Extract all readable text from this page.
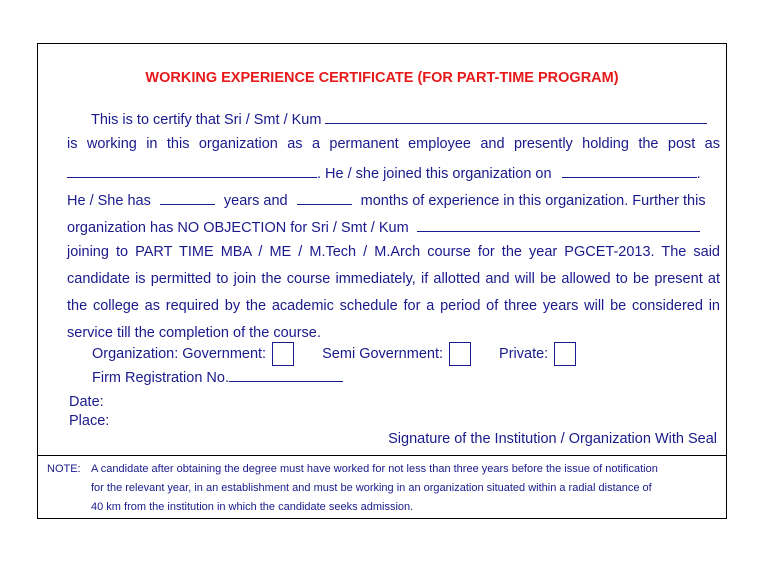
WORKING EXPERIENCE CERTIFICATE (FOR PART-TIME PROGRAM)
This is to certify that Sri / Smt / Kum
is working in this organization as a permanent employee and presently holding the post as
. He / she joined this organization on	.
He / She has	years and	months of experience in this organization. Further this
organization has NO OBJECTION for Sri / Smt / Kum
joining to PART TIME MBA / ME / M.Tech / M.Arch course for the year PGCET-2013. The said
candidate is permitted to join the course immediately, if allotted and will be allowed to be present at
the college as required by the academic schedule for a period of three years will be considered in
service till the completion of the course.
Organization: Government:	Semi Government:	Private:
Firm Registration No.
Date:
Place:
Signature of the Institution / Organization With Seal
NOTE: A candidate after obtaining the degree must have worked for not less than three years before the issue of notification
for the relevant year, in an establishment and must be working in an organization situated within a radial distance of
40 km from the institution in which the candidate seeks admission.
